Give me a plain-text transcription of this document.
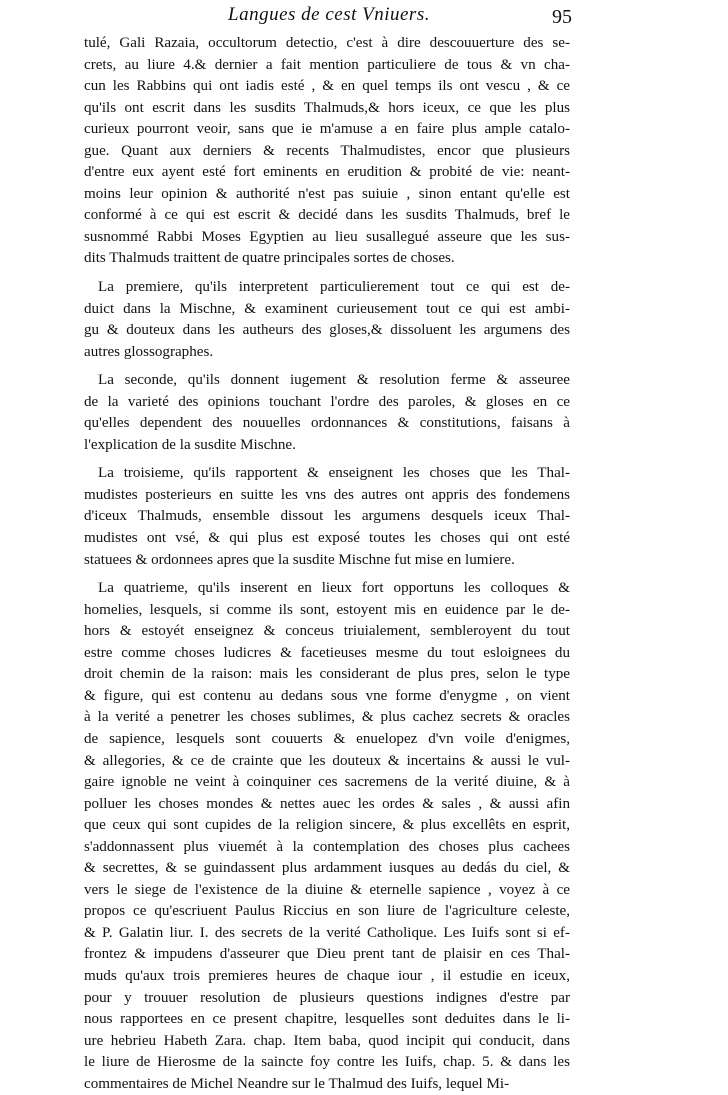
Langues de cest Vniuers.	95
tulé, Gali Razaia, occultorum detectio, c'est à dire descouuerture des se-
crets, au liure 4.& dernier a fait mention particuliere de tous & vn cha-
cun les Rabbins qui ont iadis esté , & en quel temps ils ont vescu , & ce
qu'ils ont escrit dans les susdits Thalmuds,& hors iceux, ce que les plus
curieux pourront veoir, sans que ie m'amuse a en faire plus ample catalo-
gue. Quant aux derniers & recents Thalmudistes, encor que plusieurs
d'entre eux ayent esté fort eminents en erudition & probité de vie: neant-
moins leur opinion & authorité n'est pas suiuie , sinon entant qu'elle est
conformé à ce qui est escrit & decidé dans les susdits Thalmuds, bref le
susnommé Rabbi Moses Egyptien au lieu susallegué asseure que les sus-
dits Thalmuds traittent de quatre principales sortes de choses.
La premiere, qu'ils interpretent particulierement tout ce qui est de-
duict dans la Mischne, & examinent curieusement tout ce qui est ambi-
gu & douteux dans les autheurs des gloses,& dissoluent les argumens des
autres glossographes.
La seconde, qu'ils donnent iugement & resolution ferme & asseuree
de la varieté des opinions touchant l'ordre des paroles, & gloses en ce
qu'elles dependent des nouuelles ordonnances & constitutions, faisans à
l'explication de la susdite Mischne.
La troisieme, qu'ils rapportent & enseignent les choses que les Thal-
mudistes posterieurs en suitte les vns des autres ont appris des fondemens
d'iceux Thalmuds, ensemble dissout les argumens desquels iceux Thal-
mudistes ont vsé, & qui plus est exposé toutes les choses qui ont esté
statuees & ordonnees apres que la susdite Mischne fut mise en lumiere.
La quatrieme, qu'ils inserent en lieux fort opportuns les colloques &
homelies, lesquels, si comme ils sont, estoyent mis en euidence par le de-
hors & estoyét enseignez & conceus triuialement, sembleroyent du tout
estre comme choses ludicres & facetieuses mesme du tout esloignees du
droit chemin de la raison: mais les considerant de plus pres, selon le type
& figure, qui est contenu au dedans sous vne forme d'enygme , on vient
à la verité a penetrer les choses sublimes, & plus cachez secrets & oracles
de sapience, lesquels sont couuerts & enuelopez d'vn voile d'enigmes,
& allegories, & ce de crainte que les douteux & incertains & aussi le vul-
gaire ignoble ne veint à coinquiner ces sacremens de la verité diuine, & à
polluer les choses mondes & nettes auec les ordes & sales , & aussi afin
que ceux qui sont cupides de la religion sincere, & plus excellêts en esprit,
s'addonnassent plus viuemét à la contemplation des choses plus cachees
& secrettes, & se guindassent plus ardamment iusques au dedás du ciel, &
vers le siege de l'existence de la diuine & eternelle sapience , voyez à ce
propos ce qu'escriuent Paulus Riccius en son liure de l'agriculture celeste,
& P. Galatin liur. I. des secrets de la verité Catholique. Les Iuifs sont si ef-
frontez & impudens d'asseurer que Dieu prent tant de plaisir en ces Thal-
muds qu'aux trois premieres heures de chaque iour , il estudie en iceux,
pour y trouuer resolution de plusieurs questions indignes d'estre par
nous rapportees en ce present chapitre, lesquelles sont deduites dans le li-
ure hebrieu Habeth Zara. chap. Item baba, quod incipit qui conducit, dans
le liure de Hierosme de la saincte foy contre les Iuifs, chap. 5. & dans les
commentaires de Michel Neandre sur le Thalmud des Iuifs, lequel Mi-
